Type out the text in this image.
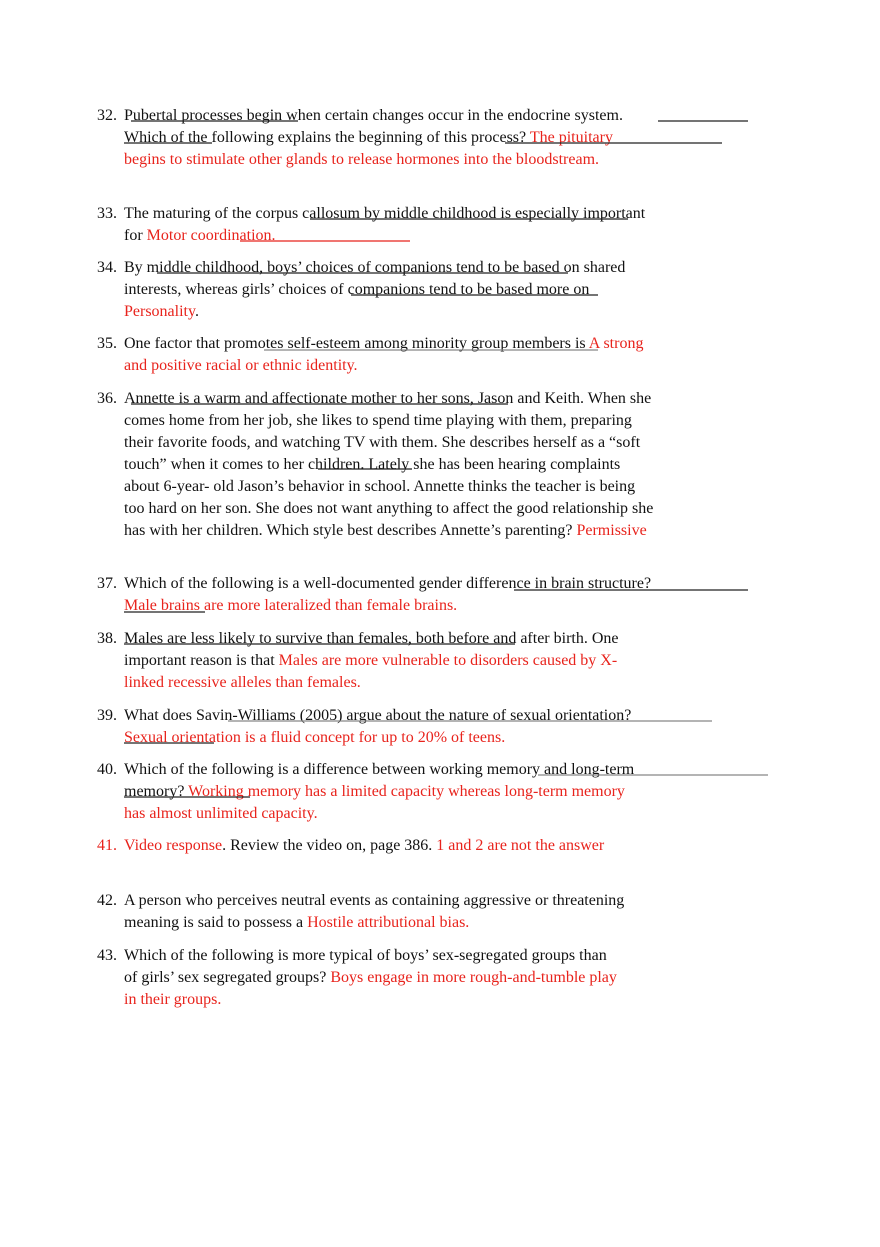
32. Pubertal processes begin when certain changes occur in the endocrine system. Which of the following explains the beginning of this process? The pituitary begins to stimulate other glands to release hormones into the bloodstream.
33. The maturing of the corpus callosum by middle childhood is especially important for Motor coordination.
34. By middle childhood, boys’ choices of companions tend to be based on shared interests, whereas girls’ choices of companions tend to be based more on Personality.
35. One factor that promotes self-esteem among minority group members is A strong and positive racial or ethnic identity.
36. Annette is a warm and affectionate mother to her sons, Jason and Keith. When she comes home from her job, she likes to spend time playing with them, preparing their favorite foods, and watching TV with them. She describes herself as a “soft touch” when it comes to her children. Lately she has been hearing complaints about 6-year- old Jason’s behavior in school. Annette thinks the teacher is being too hard on her son. She does not want anything to affect the good relationship she has with her children. Which style best describes Annette’s parenting? Permissive
37. Which of the following is a well-documented gender difference in brain structure? Male brains are more lateralized than female brains.
38. Males are less likely to survive than females, both before and after birth. One important reason is that Males are more vulnerable to disorders caused by X-linked recessive alleles than females.
39. What does Savin-Williams (2005) argue about the nature of sexual orientation? Sexual orientation is a fluid concept for up to 20% of teens.
40. Which of the following is a difference between working memory and long-term memory? Working memory has a limited capacity whereas long-term memory has almost unlimited capacity.
41. Video response. Review the video on, page 386. 1 and 2 are not the answer
42. A person who perceives neutral events as containing aggressive or threatening meaning is said to possess a Hostile attributional bias.
43. Which of the following is more typical of boys’ sex-segregated groups than of girls’ sex segregated groups? Boys engage in more rough-and-tumble play in their groups.
